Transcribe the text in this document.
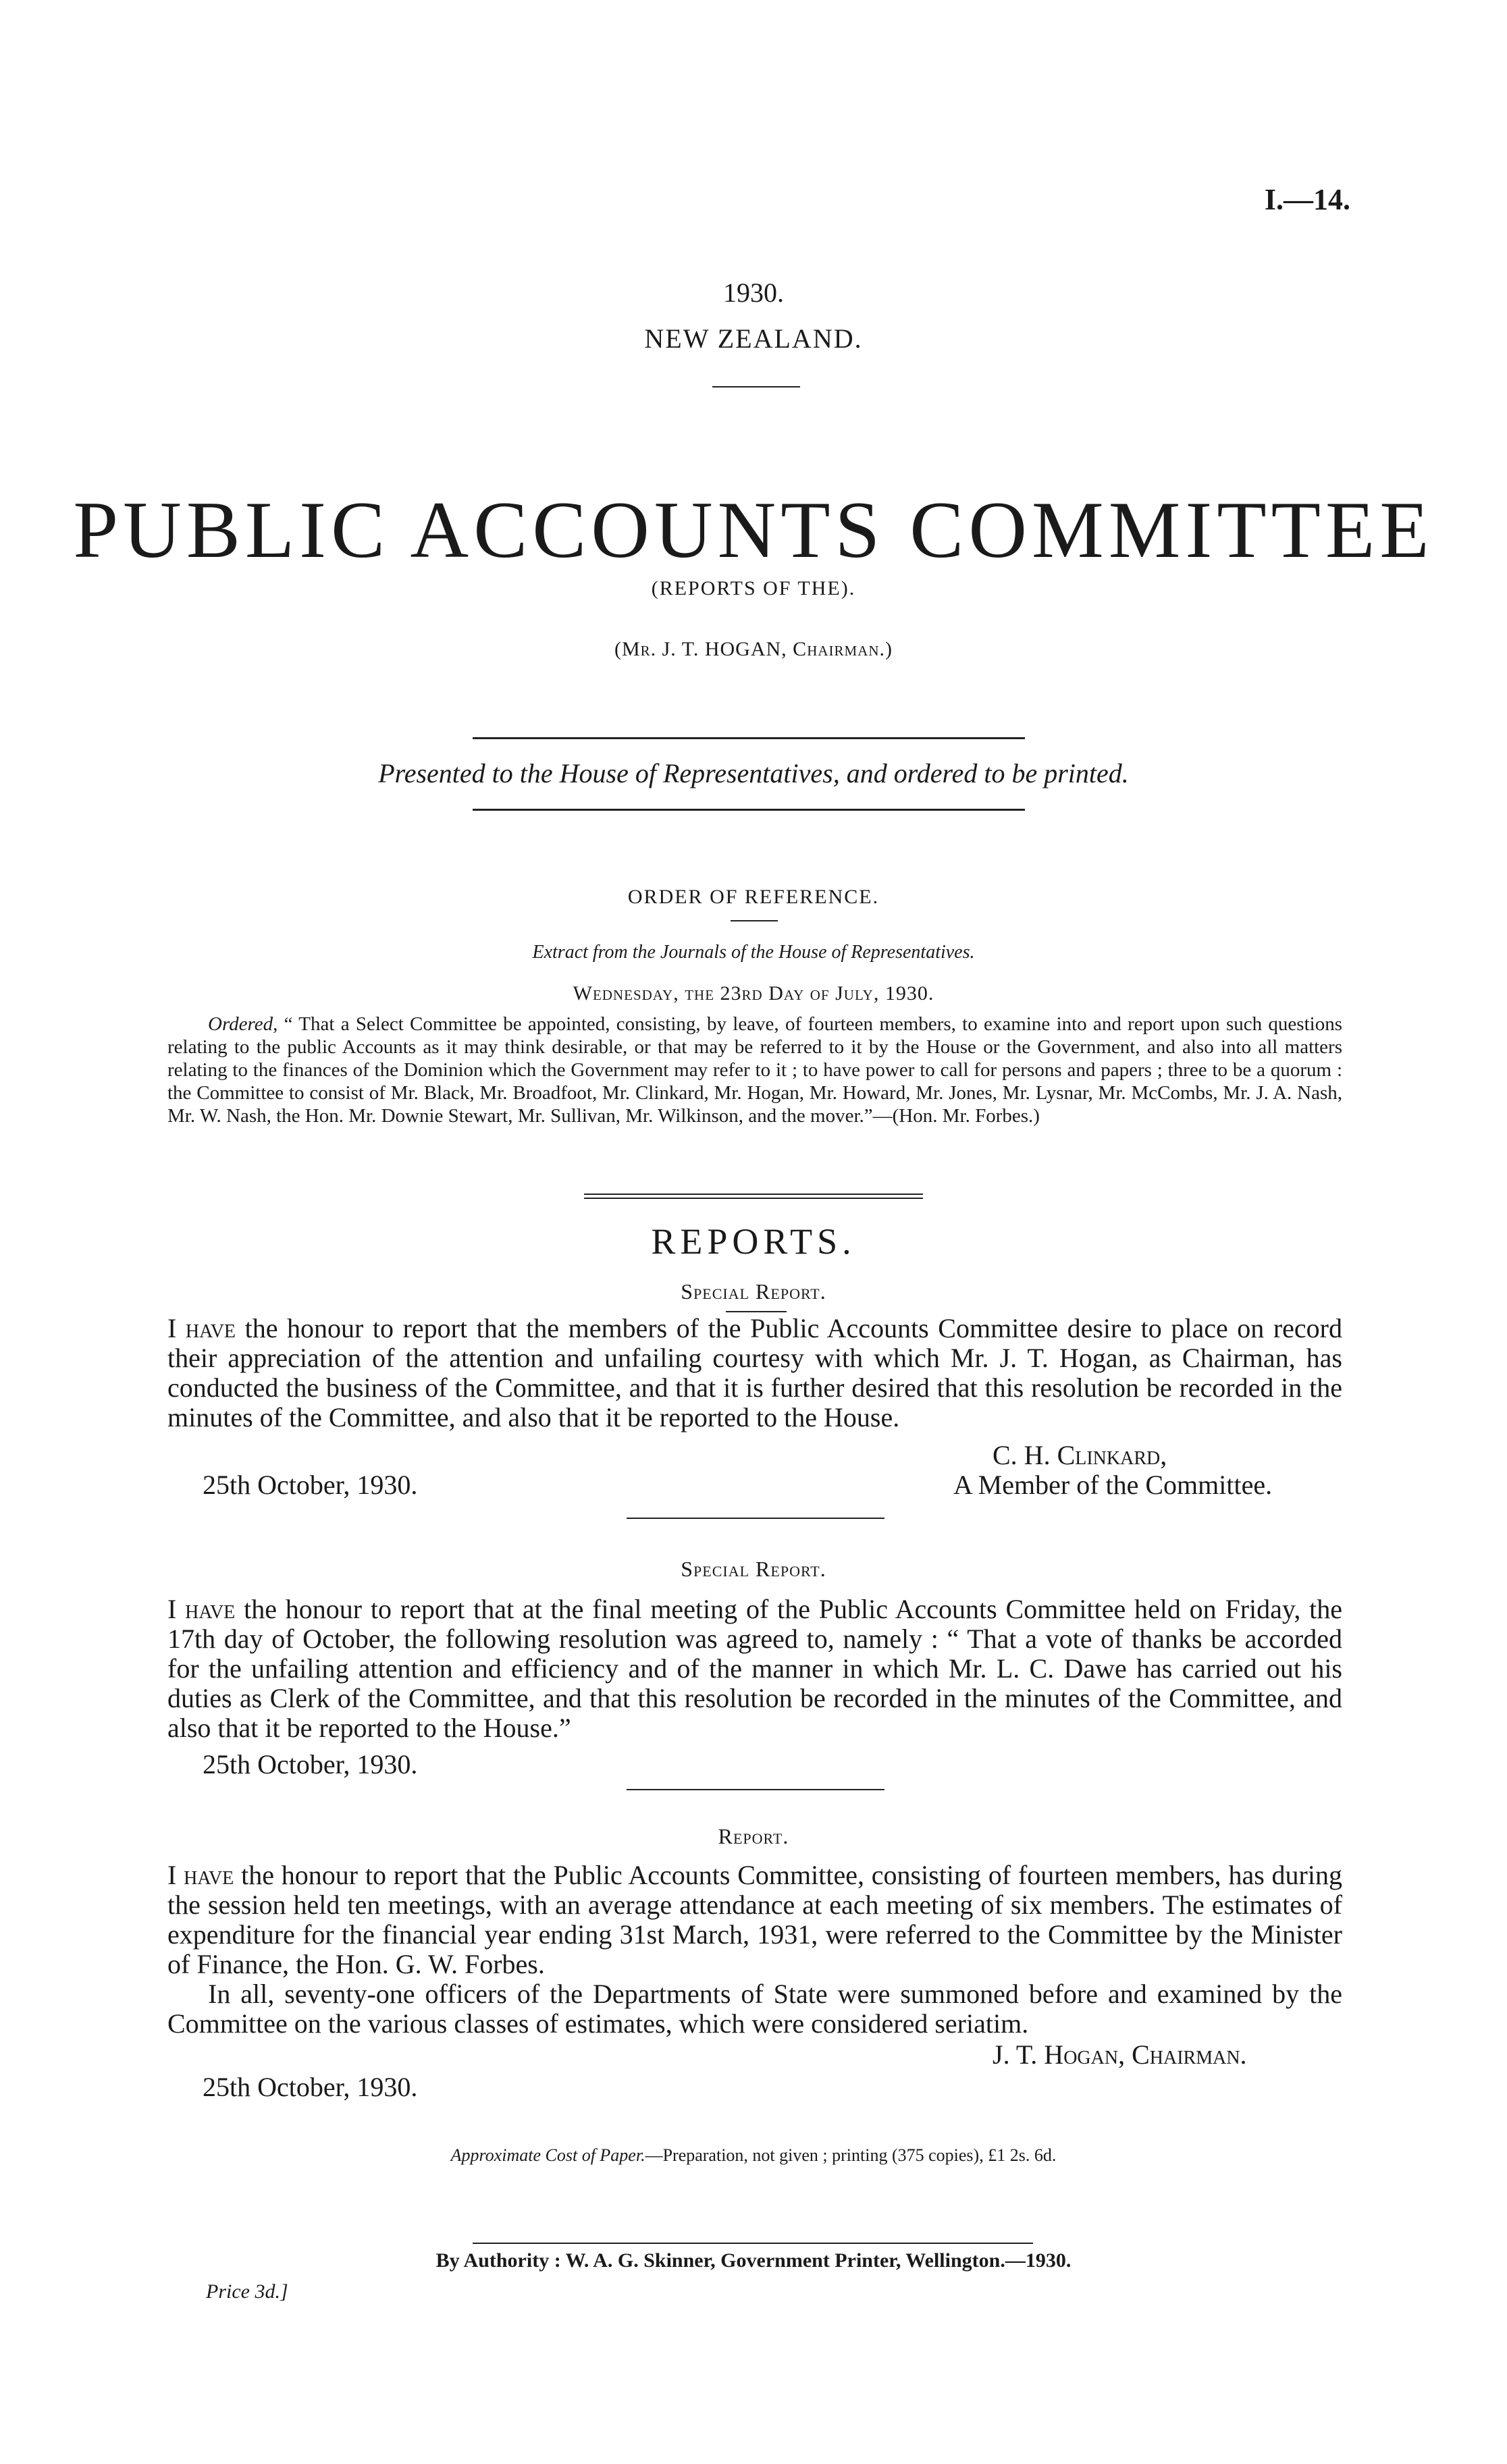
I.—14.
1930.
NEW ZEALAND.
PUBLIC ACCOUNTS COMMITTEE
(REPORTS OF THE).
(Mr. J. T. HOGAN, Chairman.)
Presented to the House of Representatives, and ordered to be printed.
ORDER OF REFERENCE.
Extract from the Journals of the House of Representatives.
Wednesday, the 23rd Day of July, 1930.
Ordered, “ That a Select Committee be appointed, consisting, by leave, of fourteen members, to examine into and report upon such questions relating to the public Accounts as it may think desirable, or that may be referred to it by the House or the Government, and also into all matters relating to the finances of the Dominion which the Government may refer to it ; to have power to call for persons and papers ; three to be a quorum : the Committee to consist of Mr. Black, Mr. Broadfoot, Mr. Clinkard, Mr. Hogan, Mr. Howard, Mr. Jones, Mr. Lysnar, Mr. McCombs, Mr. J. A. Nash, Mr. W. Nash, the Hon. Mr. Downie Stewart, Mr. Sullivan, Mr. Wilkinson, and the mover.”—(Hon. Mr. Forbes.)
REPORTS.
Special Report.
I have the honour to report that the members of the Public Accounts Committee desire to place on record their appreciation of the attention and unfailing courtesy with which Mr. J. T. Hogan, as Chairman, has conducted the business of the Committee, and that it is further desired that this resolution be recorded in the minutes of the Committee, and also that it be reported to the House.
C. H. Clinkard,
A Member of the Committee.
25th October, 1930.
Special Report.
I have the honour to report that at the final meeting of the Public Accounts Committee held on Friday, the 17th day of October, the following resolution was agreed to, namely : “ That a vote of thanks be accorded for the unfailing attention and efficiency and of the manner in which Mr. L. C. Dawe has carried out his duties as Clerk of the Committee, and that this resolution be recorded in the minutes of the Committee, and also that it be reported to the House.”
25th October, 1930.
Report.
I have the honour to report that the Public Accounts Committee, consisting of fourteen members, has during the session held ten meetings, with an average attendance at each meeting of six members. The estimates of expenditure for the financial year ending 31st March, 1931, were referred to the Committee by the Minister of Finance, the Hon. G. W. Forbes.
In all, seventy-one officers of the Departments of State were summoned before and examined by the Committee on the various classes of estimates, which were considered seriatim.
J. T. Hogan, Chairman.
25th October, 1930.
Approximate Cost of Paper.—Preparation, not given ; printing (375 copies), £1 2s. 6d.
By Authority : W. A. G. Skinner, Government Printer, Wellington.—1930.
Price 3d.]
